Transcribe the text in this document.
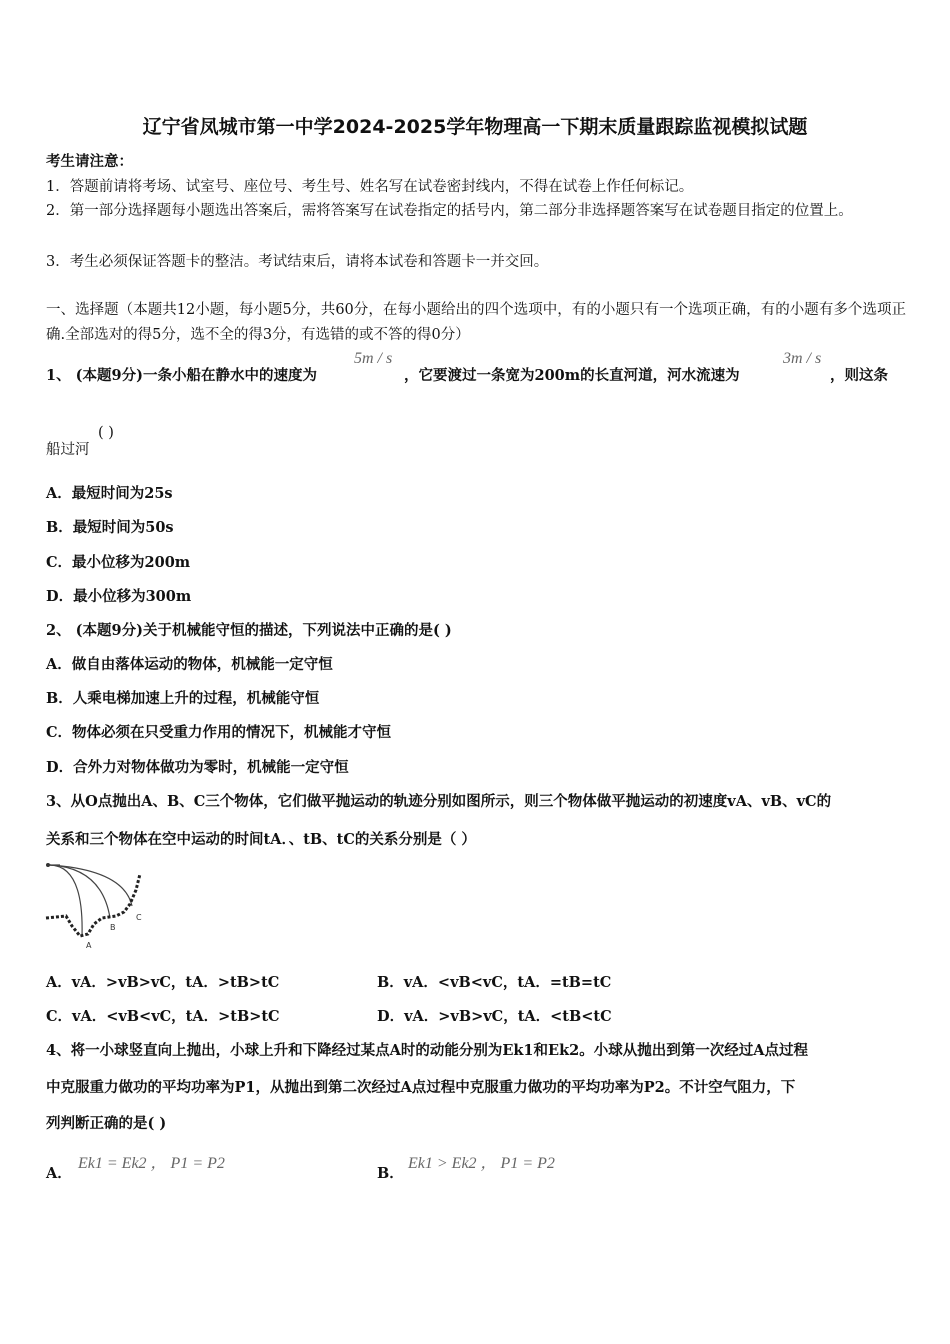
辽宁省凤城市第一中学2024-2025学年物理高一下期末质量跟踪监视模拟试题
考生请注意：
1．答题前请将考场、试室号、座位号、考生号、姓名写在试卷密封线内，不得在试卷上作任何标记。
2．第一部分选择题每小题选出答案后，需将答案写在试卷指定的括号内，第二部分非选择题答案写在试卷题目指定的位置上。
3．考生必须保证答题卡的整洁。考试结束后，请将本试卷和答题卡一并交回。
一、选择题（本题共12小题，每小题5分，共60分，在每小题给出的四个选项中，有的小题只有一个选项正确，有的小题有多个选项正确.全部选对的得5分，选不全的得3分，有选错的或不答的得0分）
1、 (本题9分)一条小船在静水中的速度为
5m / s
，它要渡过一条宽为200m的长直河道，河水流速为
3m / s
，则这条
船过河
( )
A．最短时间为25s
B．最短时间为50s
C．最小位移为200m
D．最小位移为300m
2、 (本题9分)关于机械能守恒的描述，下列说法中正确的是( )
A．做自由落体运动的物体，机械能一定守恒
B．人乘电梯加速上升的过程，机械能守恒
C．物体必须在只受重力作用的情况下，机械能才守恒
D．合外力对物体做功为零时，机械能一定守恒
3、从O点抛出A、B、C三个物体，它们做平抛运动的轨迹分别如图所示，则三个物体做平抛运动的初速度vA、vB、vC的
关系和三个物体在空中运动的时间tA．、tB、tC的关系分别是（ ）
B
C
A
A．vA．>vB>vC，tA．>tB>tC	B．vA．<vB<vC，tA．=tB=tC
C．vA．<vB<vC，tA．>tB>tC	D．vA．>vB>vC，tA．<tB<tC
4、将一小球竖直向上抛出，小球上升和下降经过某点A时的动能分别为Ek1和Ek2。小球从抛出到第一次经过A点过程
中克服重力做功的平均功率为P1，从抛出到第二次经过A点过程中克服重力做功的平均功率为P2。不计空气阻力，下
列判断正确的是( )
A．
Ek1 = Ek2 ， P1 = P2
B．
Ek1 > Ek2 ， P1 = P2
